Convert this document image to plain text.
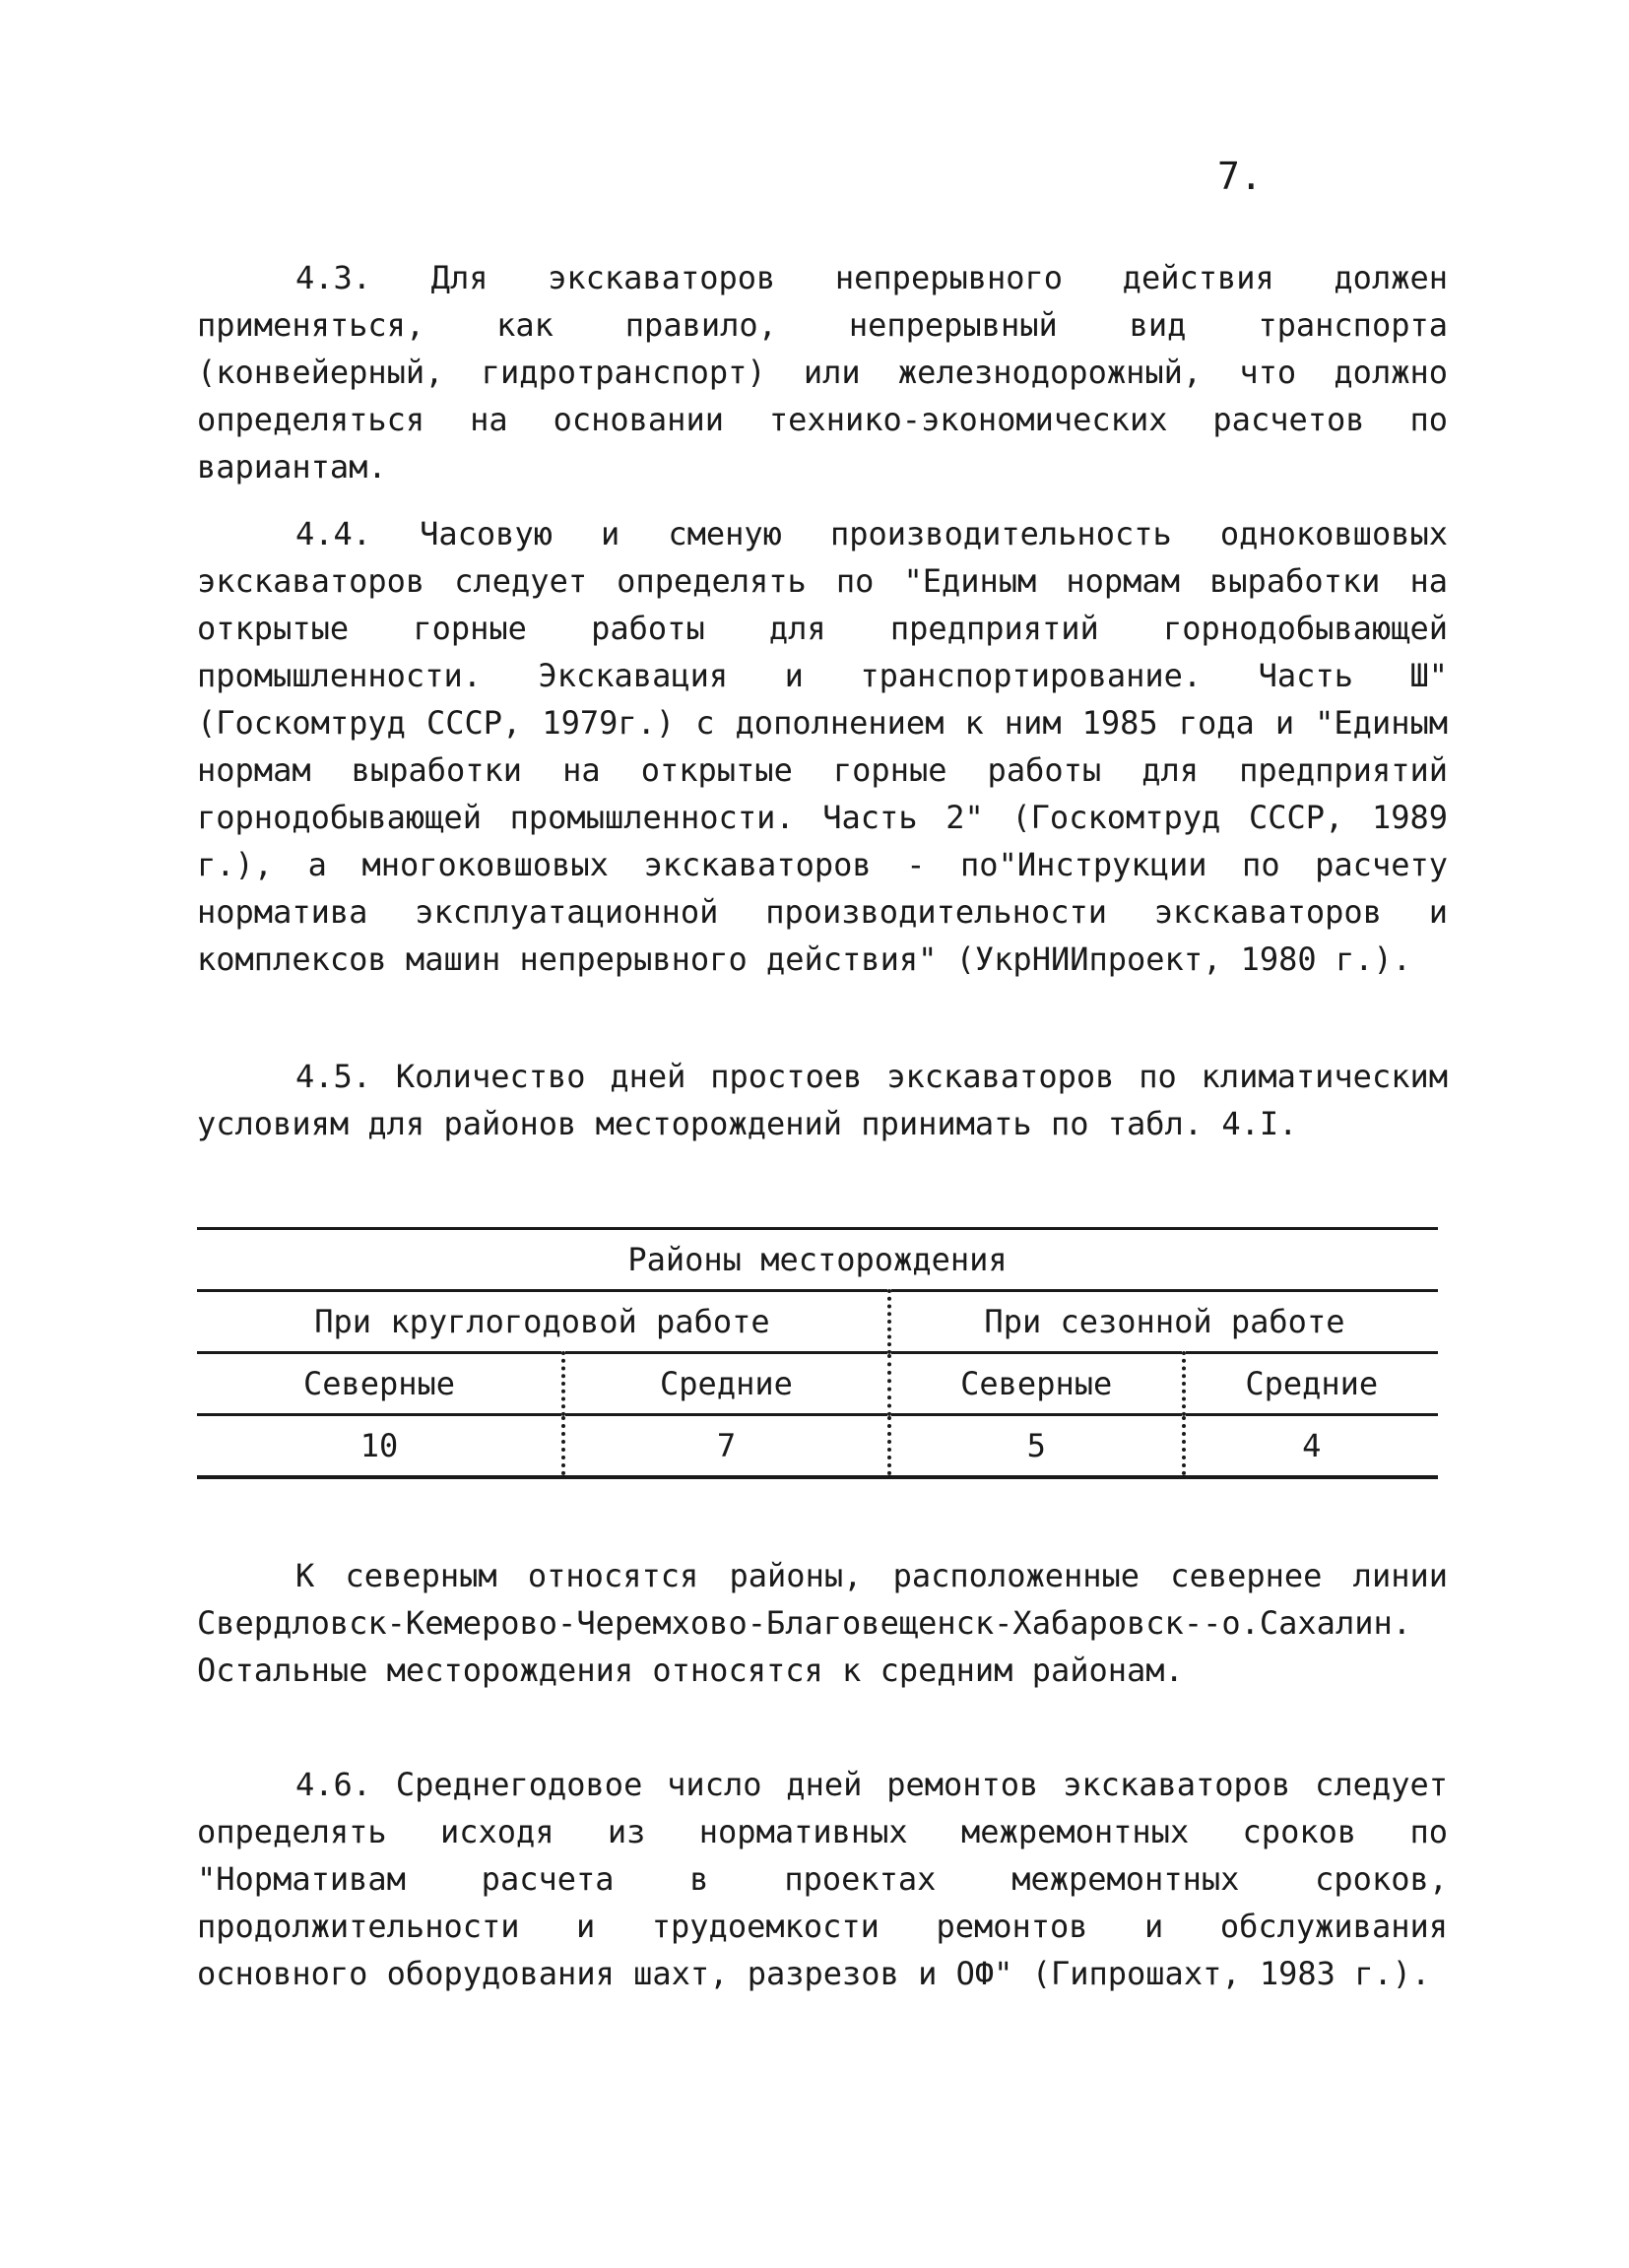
7.

4.3. Для экскаваторов непрерывного действия должен применяться, как правило, непрерывный вид транспорта (конвейерный, гидротранспорт) или железнодорожный, что должно определяться на основании технико-экономических расчетов по вариантам.

4.4. Часовую и сменую производительность одноковшовых экскаваторов следует определять по "Единым нормам выработки на открытые горные работы для предприятий горнодобывающей промышленности. Экскавация и транспортирование. Часть Ш" (Госкомтруд СССР, 1979г.) с дополнением к ним 1985 года и "Единым нормам выработки на открытые горные работы для предприятий горнодобывающей промышленности. Часть 2" (Госкомтруд СССР, 1989 г.), а многоковшовых экскаваторов - по"Инструкции по расчету норматива эксплуатационной производительности экскаваторов и комплексов машин непрерывного действия" (УкрНИИпроект, 1980 г.).

4.5. Количество дней простоев экскаваторов по климатическим условиям для районов месторождений принимать по табл. 4.I.

Районы месторождения			
При круглогодовой работе		При сезонной работе	
Северные	Средние	Северные	Средние
10	7	5	4

К северным относятся районы, расположенные севернее линии Свердловск-Кемерово-Черемхово-Благовещенск-Хабаровск--о.Сахалин. Остальные месторождения относятся к средним районам.

4.6. Среднегодовое число дней ремонтов экскаваторов следует определять исходя из нормативных межремонтных сроков по "Нормативам расчета в проектах межремонтных сроков, продолжительности и трудоемкости ремонтов и обслуживания основного оборудования шахт, разрезов и ОФ" (Гипрошахт, 1983 г.).
